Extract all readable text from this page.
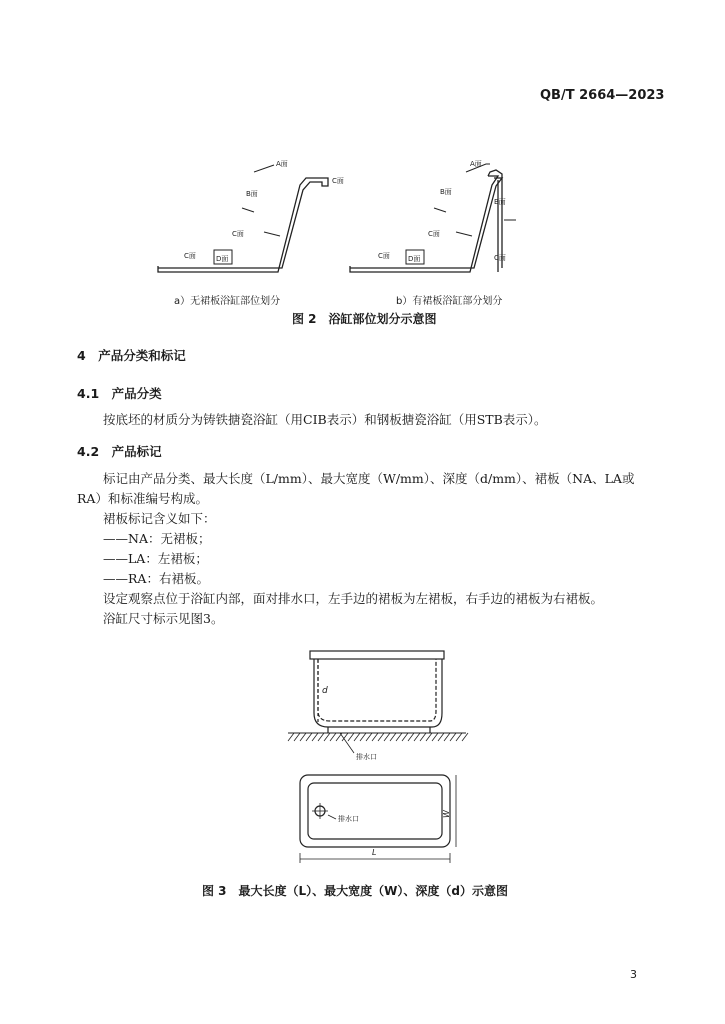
QB/T 2664—2023
A面
C面
B面
C面
C面	D面
A面
B面
B面
C面
C面	D面	C面
a）无裙板浴缸部位划分	b）有裙板浴缸部分划分
图 2　浴缸部位划分示意图
4　产品分类和标记
4.1　产品分类
按底坯的材质分为铸铁搪瓷浴缸（用CIB表示）和钢板搪瓷浴缸（用STB表示）。
4.2　产品标记
标记由产品分类、最大长度（L/mm）、最大宽度（W/mm）、深度（d/mm）、裙板（NA、LA或
RA）和标准编号构成。
裙板标记含义如下：
——NA：无裙板；
——LA：左裙板；
——RA：右裙板。
设定观察点位于浴缸内部，面对排水口，左手边的裙板为左裙板，右手边的裙板为右裙板。
浴缸尺寸标示见图3。
d
排水口
排水口
W
L
图 3　最大长度（L）、最大宽度（W）、深度（d）示意图
3
